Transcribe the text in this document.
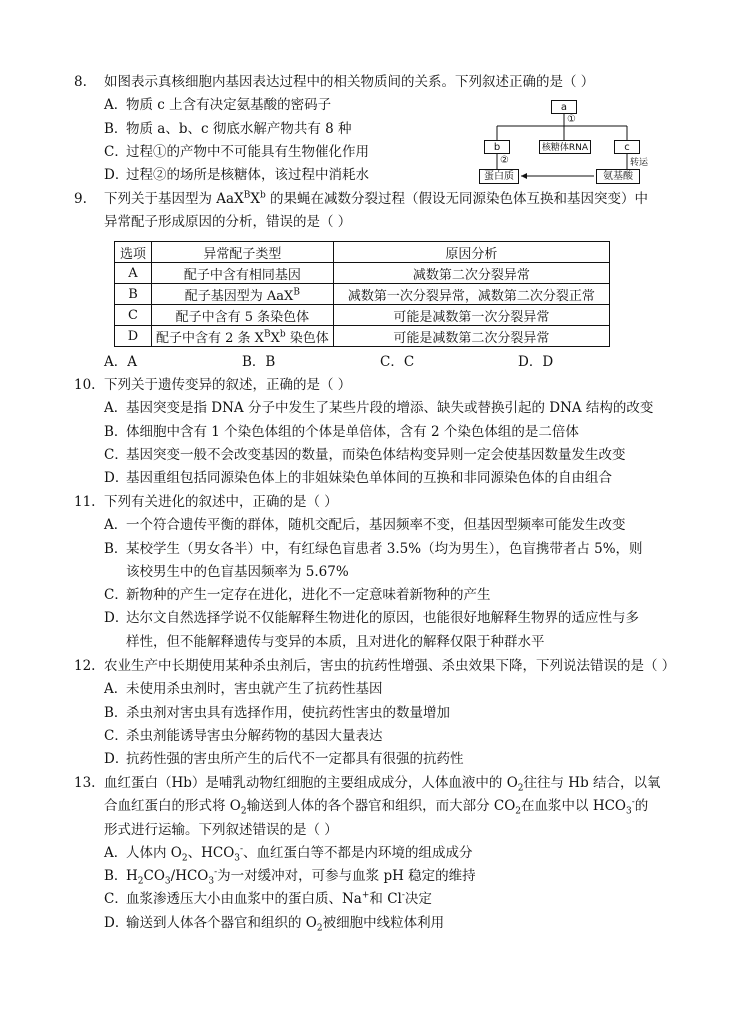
8. 如图表示真核细胞内基因表达过程中的相关物质间的关系。下列叙述正确的是（ ）
A．物质 c 上含有决定氨基酸的密码子
B．物质 a、b、c 彻底水解产物共有 8 种
C．过程①的产物中不可能具有生物催化作用
D．过程②的场所是核糖体，该过程中消耗水
a
①
b	核糖体RNA	c
②	转运
蛋白质	氨基酸
9. 下列关于基因型为 $AaX^BX^b$ 的果蝇在减数分裂过程（假设无同源染色体互换和基因突变）中
异常配子形成原因的分析，错误的是（ ）
选项	异常配子类型	原因分析
A	配子中含有相同基因	减数第二次分裂异常
B	配子基因型为 AaX$^B$	减数第一次分裂异常，减数第二次分裂正常
C	配子中含有 5 条染色体	可能是减数第一次分裂异常
D	配子中含有 2 条 $X^BX^b$ 染色体	可能是减数第二次分裂异常
A．A	B．B	C．C	D．D
10. 下列关于遗传变异的叙述，正确的是（ ）
A．基因突变是指 DNA 分子中发生了某些片段的增添、缺失或替换引起的 DNA 结构的改变
B．体细胞中含有 1 个染色体组的个体是单倍体，含有 2 个染色体组的是二倍体
C．基因突变一般不会改变基因的数量，而染色体结构变异则一定会使基因数量发生改变
D．基因重组包括同源染色体上的非姐妹染色单体间的互换和非同源染色体的自由组合
11. 下列有关进化的叙述中，正确的是（ ）
A．一个符合遗传平衡的群体，随机交配后，基因频率不变，但基因型频率可能发生改变
B．某校学生（男女各半）中，有红绿色盲患者 3.5%（均为男生），色盲携带者占 5%，则
该校男生中的色盲基因频率为 5.67%
C．新物种的产生一定存在进化，进化不一定意味着新物种的产生
D．达尔文自然选择学说不仅能解释生物进化的原因，也能很好地解释生物界的适应性与多
样性，但不能解释遗传与变异的本质，且对进化的解释仅限于种群水平
12. 农业生产中长期使用某种杀虫剂后，害虫的抗药性增强、杀虫效果下降，下列说法错误的是（ ）
A．未使用杀虫剂时，害虫就产生了抗药性基因
B．杀虫剂对害虫具有选择作用，使抗药性害虫的数量增加
C．杀虫剂能诱导害虫分解药物的基因大量表达
D．抗药性强的害虫所产生的后代不一定都具有很强的抗药性
13. 血红蛋白（Hb）是哺乳动物红细胞的主要组成成分，人体血液中的 $O_2$往往与 Hb 结合，以氧
合血红蛋白的形式将 $O_2$输送到人体的各个器官和组织，而大部分 $CO_2$在血浆中以 $HCO_3^-$的
形式进行运输。下列叙述错误的是（ ）
A．人体内 $O_2$、$HCO_3^-$、血红蛋白等不都是内环境的组成成分
B．$H_2CO_3/HCO_3^-$为一对缓冲对，可参与血浆 pH 稳定的维持
C．血浆渗透压大小由血浆中的蛋白质、Na+和 Cl-决定
D．输送到人体各个器官和组织的 $O_2$被细胞中线粒体利用
